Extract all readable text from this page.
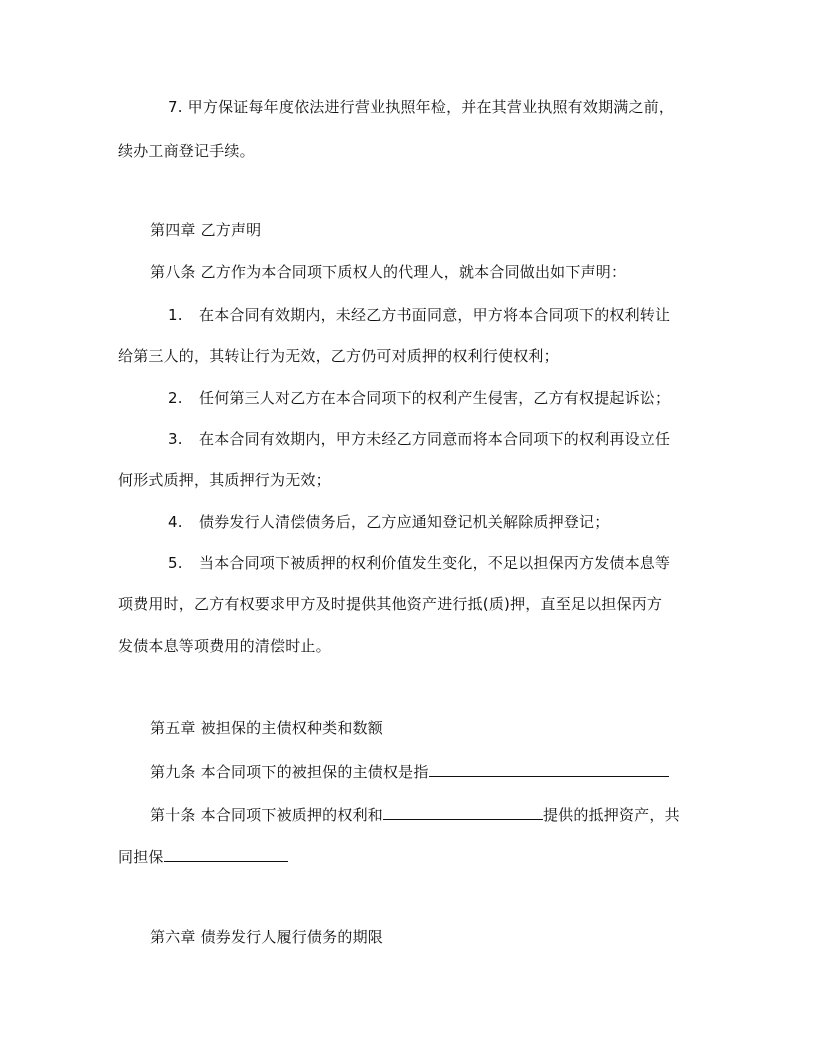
7. 甲方保证每年度依法进行营业执照年检，并在其营业执照有效期满之前，
续办工商登记手续。
第四章 乙方声明
第八条 乙方作为本合同项下质权人的代理人，就本合同做出如下声明：
1. 在本合同有效期内，未经乙方书面同意，甲方将本合同项下的权利转让
给第三人的，其转让行为无效，乙方仍可对质押的权利行使权利；
2. 任何第三人对乙方在本合同项下的权利产生侵害，乙方有权提起诉讼；
3. 在本合同有效期内，甲方未经乙方同意而将本合同项下的权利再设立任
何形式质押，其质押行为无效；
4. 债券发行人清偿债务后，乙方应通知登记机关解除质押登记；
5. 当本合同项下被质押的权利价值发生变化，不足以担保丙方发债本息等
项费用时，乙方有权要求甲方及时提供其他资产进行抵(质)押，直至足以担保丙方
发债本息等项费用的清偿时止。
第五章 被担保的主债权种类和数额
第九条 本合同项下的被担保的主债权是指
第十条 本合同项下被质押的权利和	提供的抵押资产，共
同担保
第六章 债券发行人履行债务的期限
